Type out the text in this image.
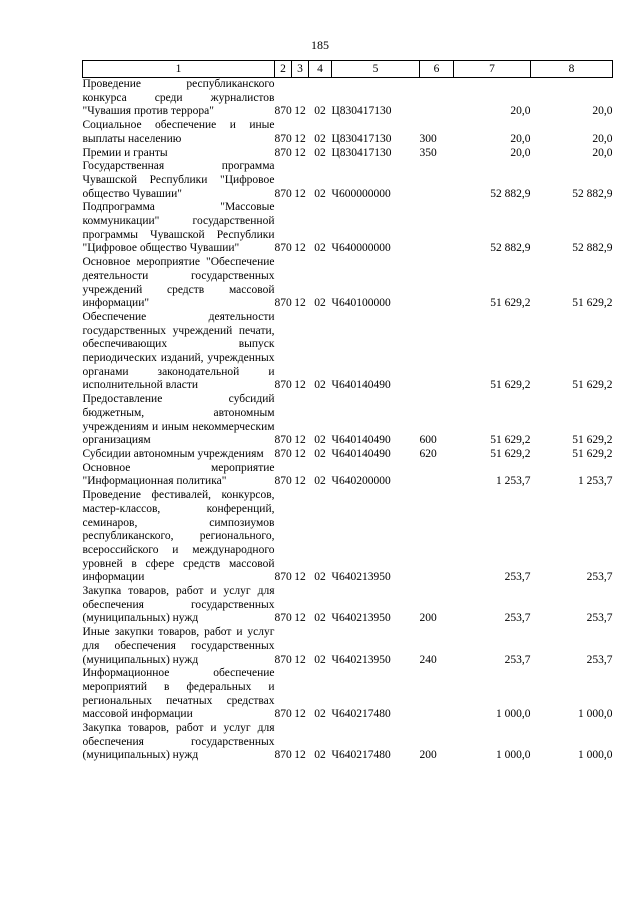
185
1	2	3	4	5	6	7	8
Проведение республиканского конкурса среди журналистов "Чувашия против террора"	870	12	02	Ц830417130		20,0	20,0
Социальное обеспечение и иные выплаты населению	870	12	02	Ц830417130	300	20,0	20,0
Премии и гранты	870	12	02	Ц830417130	350	20,0	20,0
Государственная программа Чувашской Республики "Цифровое общество Чувашии"	870	12	02	Ч600000000		52 882,9	52 882,9
Подпрограмма "Массовые коммуникации" государственной программы Чувашской Республики "Цифровое общество Чувашии"	870	12	02	Ч640000000		52 882,9	52 882,9
Основное мероприятие "Обеспечение деятельности государственных учреждений средств массовой информации"	870	12	02	Ч640100000		51 629,2	51 629,2
Обеспечение деятельности государственных учреждений печати, обеспечивающих выпуск периодических изданий, учрежденных органами законодательной и исполнительной власти	870	12	02	Ч640140490		51 629,2	51 629,2
Предоставление субсидий бюджетным, автономным учреждениям и иным некоммерческим организациям	870	12	02	Ч640140490	600	51 629,2	51 629,2
Субсидии автономным учреждениям	870	12	02	Ч640140490	620	51 629,2	51 629,2
Основное мероприятие "Информационная политика"	870	12	02	Ч640200000		1 253,7	1 253,7
Проведение фестивалей, конкурсов, мастер-классов, конференций, семинаров, симпозиумов республиканского, регионального, всероссийского и международного уровней в сфере средств массовой информации	870	12	02	Ч640213950		253,7	253,7
Закупка товаров, работ и услуг для обеспечения государственных (муниципальных) нужд	870	12	02	Ч640213950	200	253,7	253,7
Иные закупки товаров, работ и услуг для обеспечения государственных (муниципальных) нужд	870	12	02	Ч640213950	240	253,7	253,7
Информационное обеспечение мероприятий в федеральных и региональных печатных средствах массовой информации	870	12	02	Ч640217480		1 000,0	1 000,0
Закупка товаров, работ и услуг для обеспечения государственных (муниципальных) нужд	870	12	02	Ч640217480	200	1 000,0	1 000,0
